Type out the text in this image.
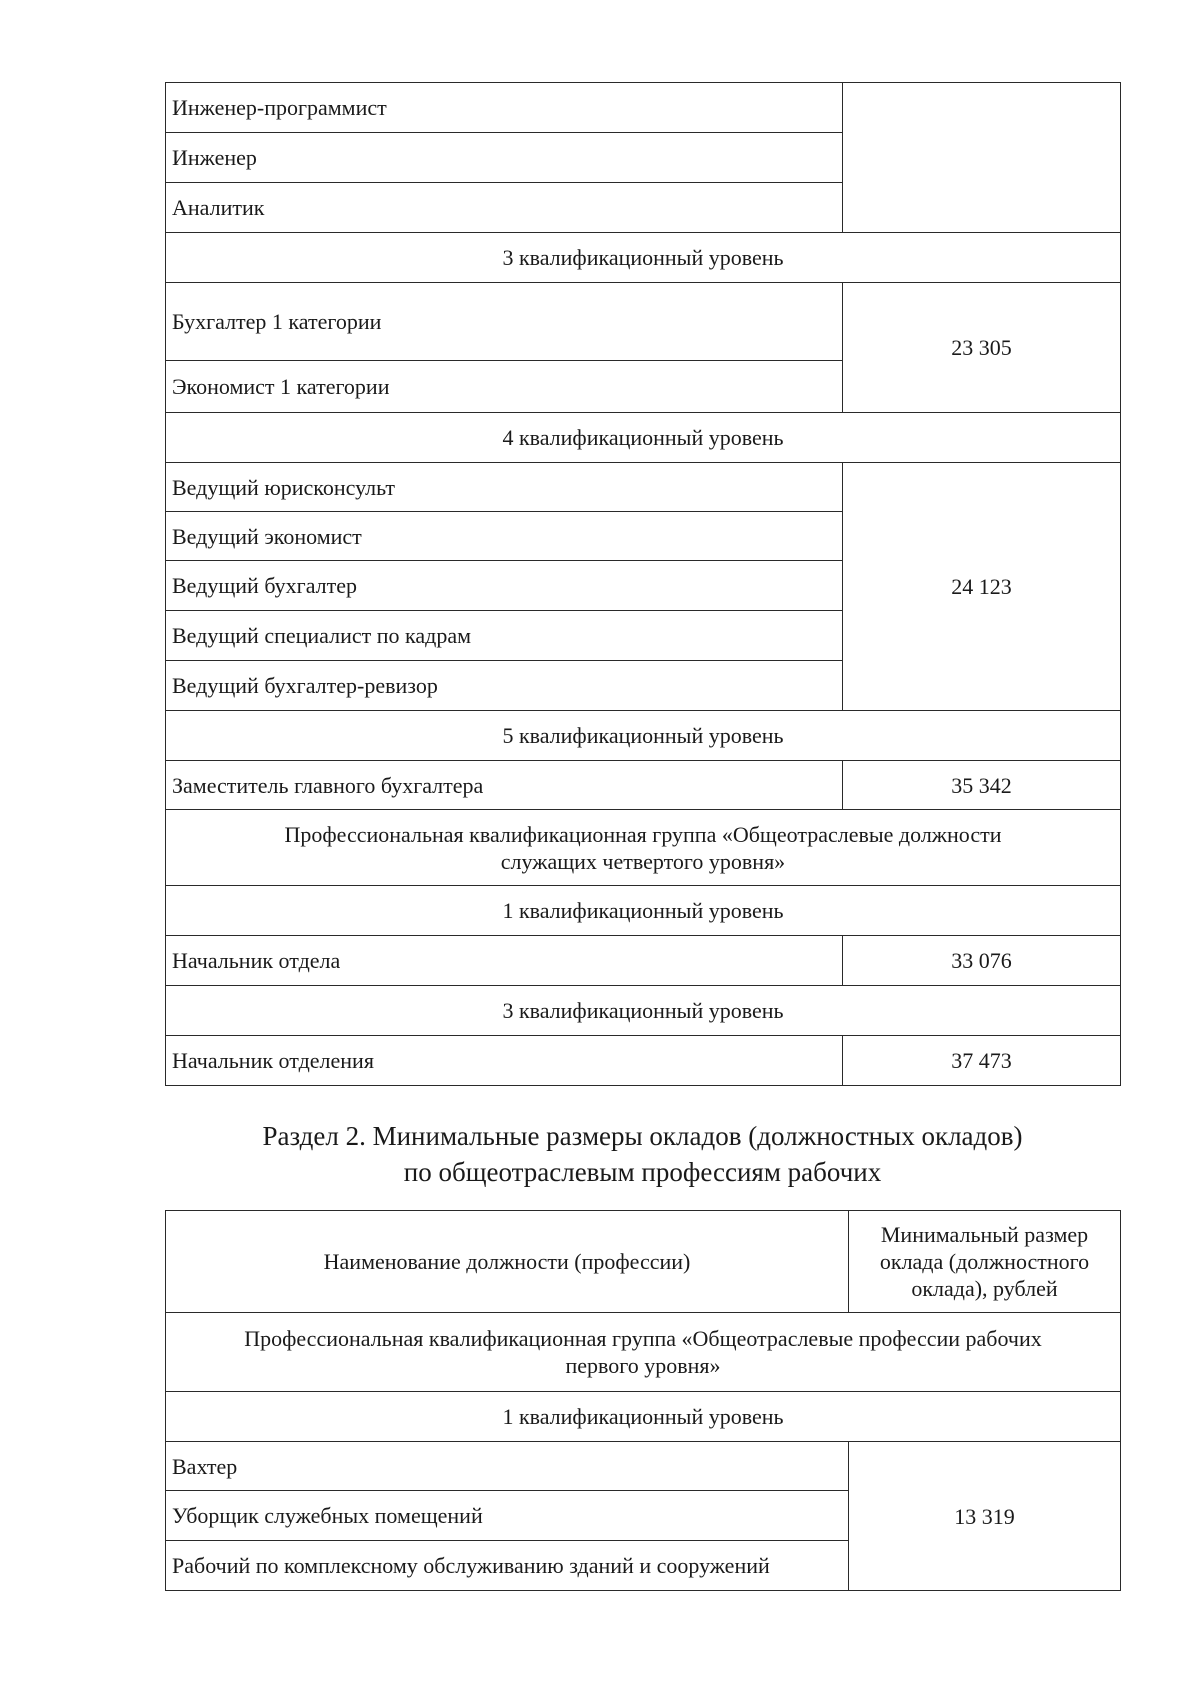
Инженер-программист	
Инженер	
Аналитик	
3 квалификационный уровень	
Бухгалтер 1 категории	23 305
Экономист 1 категории	
4 квалификационный уровень	
Ведущий юрисконсульт	24 123
Ведущий экономист	
Ведущий бухгалтер	
Ведущий специалист по кадрам	
Ведущий бухгалтер-ревизор	
5 квалификационный уровень	
Заместитель главного бухгалтера	35 342

Профессиональная квалификационная группа «Общеотраслевые должности
служащих четвертого уровня»	

1 квалификационный уровень	
Начальник отдела	33 076
3 квалификационный уровень	
Начальник отделения	37 473
Раздел 2. Минимальные размеры окладов (должностных окладов)
по общеотраслевым профессиям рабочих
Наименование должности (профессии)	Минимальный размер
оклада (должностного
оклада), рублей

Профессиональная квалификационная группа «Общеотраслевые профессии рабочих
первого уровня»	

1 квалификационный уровень	
Вахтер	13 319
Уборщик служебных помещений	
Рабочий по комплексному обслуживанию зданий и сооружений	
